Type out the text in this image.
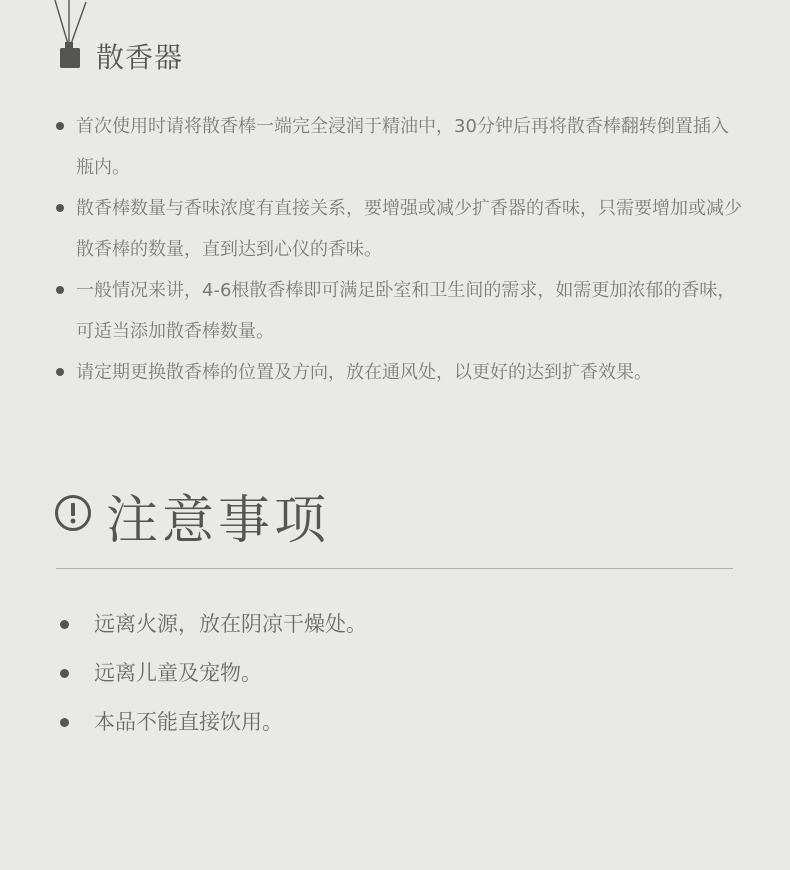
散香器
首次使用时请将散香棒一端完全浸润于精油中，30分钟后再将散香棒翻转倒置插入瓶内。
散香棒数量与香味浓度有直接关系，要增强或减少扩香器的香味，只需要增加或减少散香棒的数量，直到达到心仪的香味。
一般情况来讲，4-6根散香棒即可满足卧室和卫生间的需求，如需更加浓郁的香味，可适当添加散香棒数量。
请定期更换散香棒的位置及方向，放在通风处，以更好的达到扩香效果。
注意事项
远离火源，放在阴凉干燥处。
远离儿童及宠物。
本品不能直接饮用。
